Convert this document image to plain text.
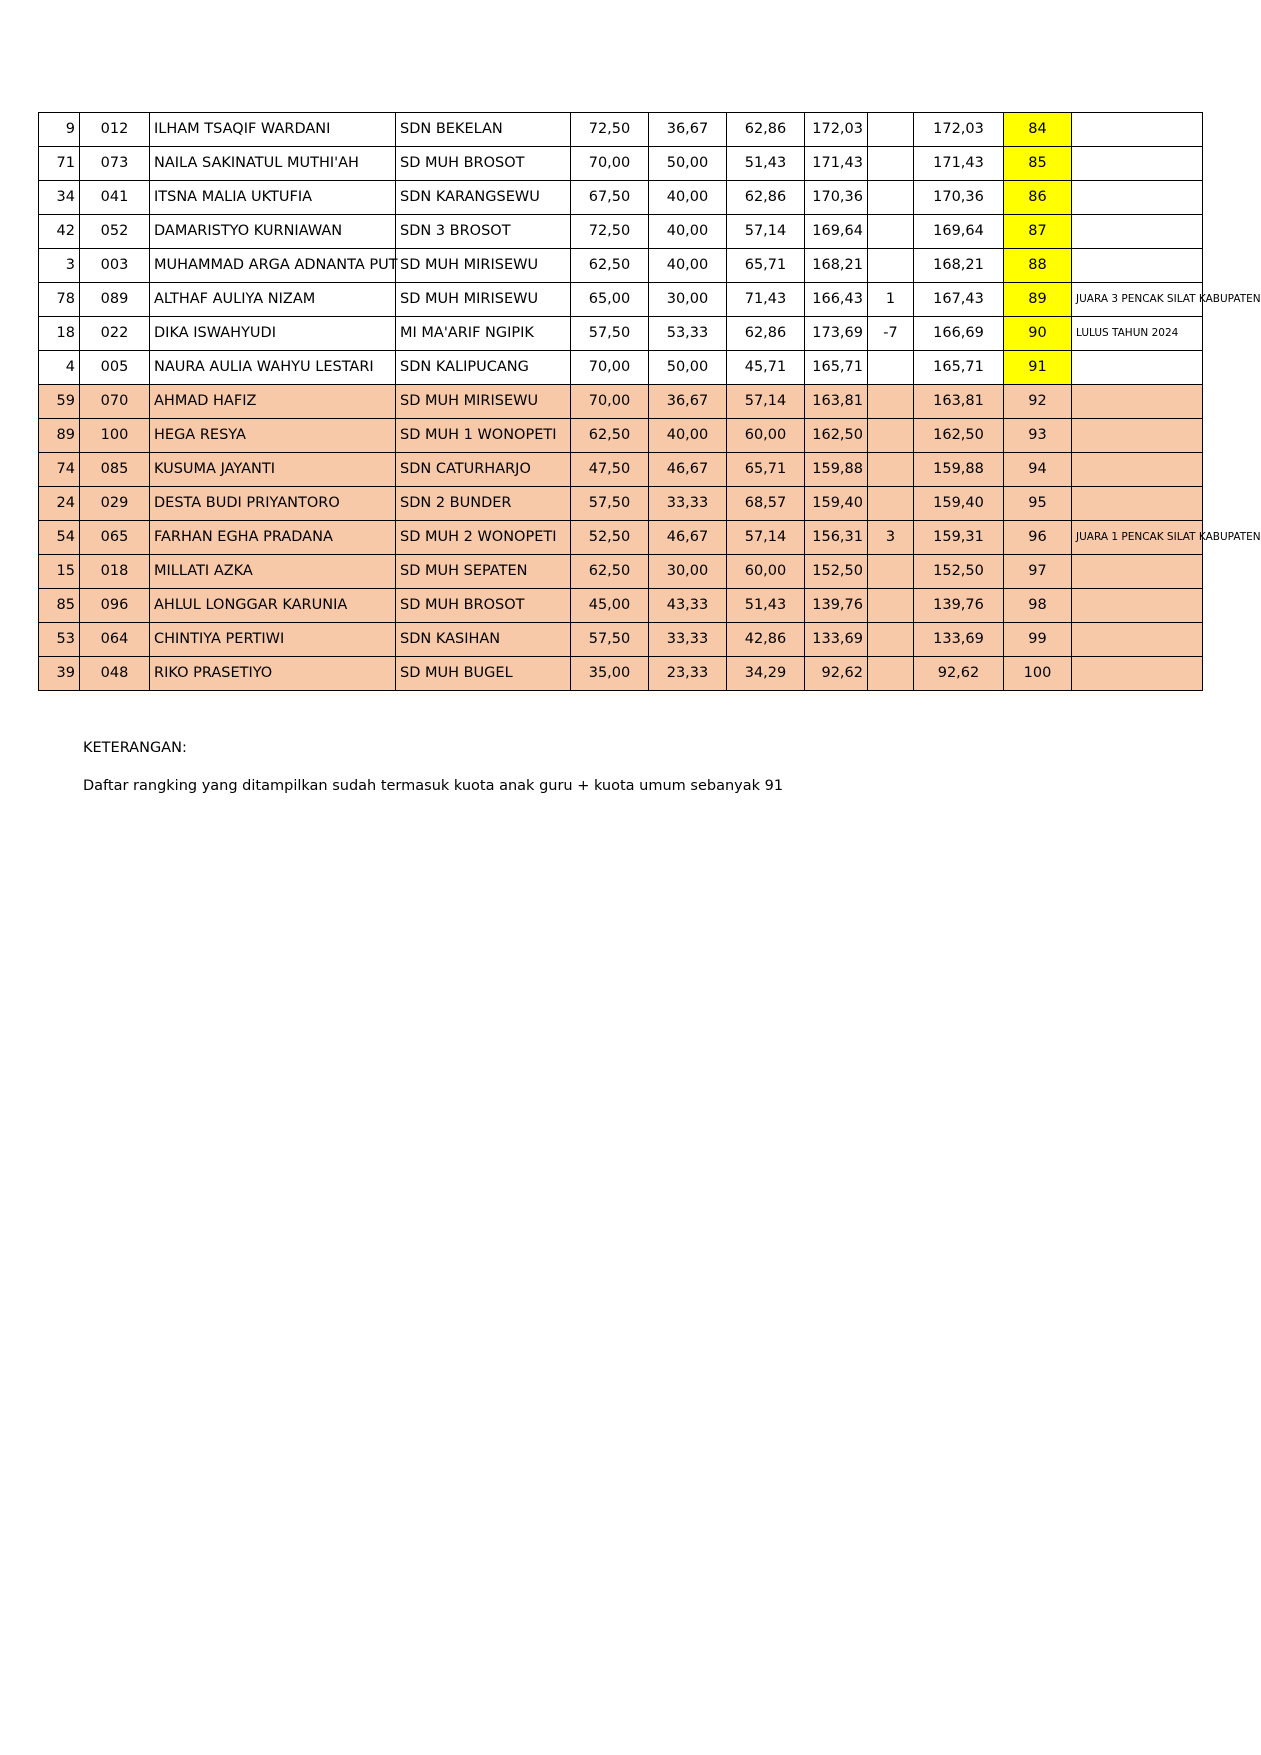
9	012	ILHAM TSAQIF WARDANI	SDN BEKELAN	72,50	36,67	62,86	172,03		172,03	84	
71	073	NAILA SAKINATUL MUTHI'AH	SD MUH BROSOT	70,00	50,00	51,43	171,43		171,43	85	
34	041	ITSNA MALIA UKTUFIA	SDN KARANGSEWU	67,50	40,00	62,86	170,36		170,36	86	
42	052	DAMARISTYO KURNIAWAN	SDN 3 BROSOT	72,50	40,00	57,14	169,64		169,64	87	
3	003	MUHAMMAD ARGA ADNANTA PUT	SD MUH MIRISEWU	62,50	40,00	65,71	168,21		168,21	88	
78	089	ALTHAF AULIYA NIZAM	SD MUH MIRISEWU	65,00	30,00	71,43	166,43	1	167,43	89	JUARA 3 PENCAK SILAT KABUPATEN
18	022	DIKA ISWAHYUDI	MI MA'ARIF NGIPIK	57,50	53,33	62,86	173,69	-7	166,69	90	LULUS TAHUN 2024
4	005	NAURA AULIA WAHYU LESTARI	SDN KALIPUCANG	70,00	50,00	45,71	165,71		165,71	91	
59	070	AHMAD HAFIZ	SD MUH MIRISEWU	70,00	36,67	57,14	163,81		163,81	92	
89	100	HEGA RESYA	SD MUH 1 WONOPETI	62,50	40,00	60,00	162,50		162,50	93	
74	085	KUSUMA JAYANTI	SDN CATURHARJO	47,50	46,67	65,71	159,88		159,88	94	
24	029	DESTA BUDI PRIYANTORO	SDN 2 BUNDER	57,50	33,33	68,57	159,40		159,40	95	
54	065	FARHAN EGHA PRADANA	SD MUH 2 WONOPETI	52,50	46,67	57,14	156,31	3	159,31	96	JUARA 1 PENCAK SILAT KABUPATEN
15	018	MILLATI AZKA	SD MUH SEPATEN	62,50	30,00	60,00	152,50		152,50	97	
85	096	AHLUL LONGGAR KARUNIA	SD MUH BROSOT	45,00	43,33	51,43	139,76		139,76	98	
53	064	CHINTIYA PERTIWI	SDN KASIHAN	57,50	33,33	42,86	133,69		133,69	99	
39	048	RIKO PRASETIYO	SD MUH BUGEL	35,00	23,33	34,29	92,62		92,62	100	

KETERANGAN:

Daftar rangking yang ditampilkan sudah termasuk kuota anak guru + kuota umum sebanyak 91
